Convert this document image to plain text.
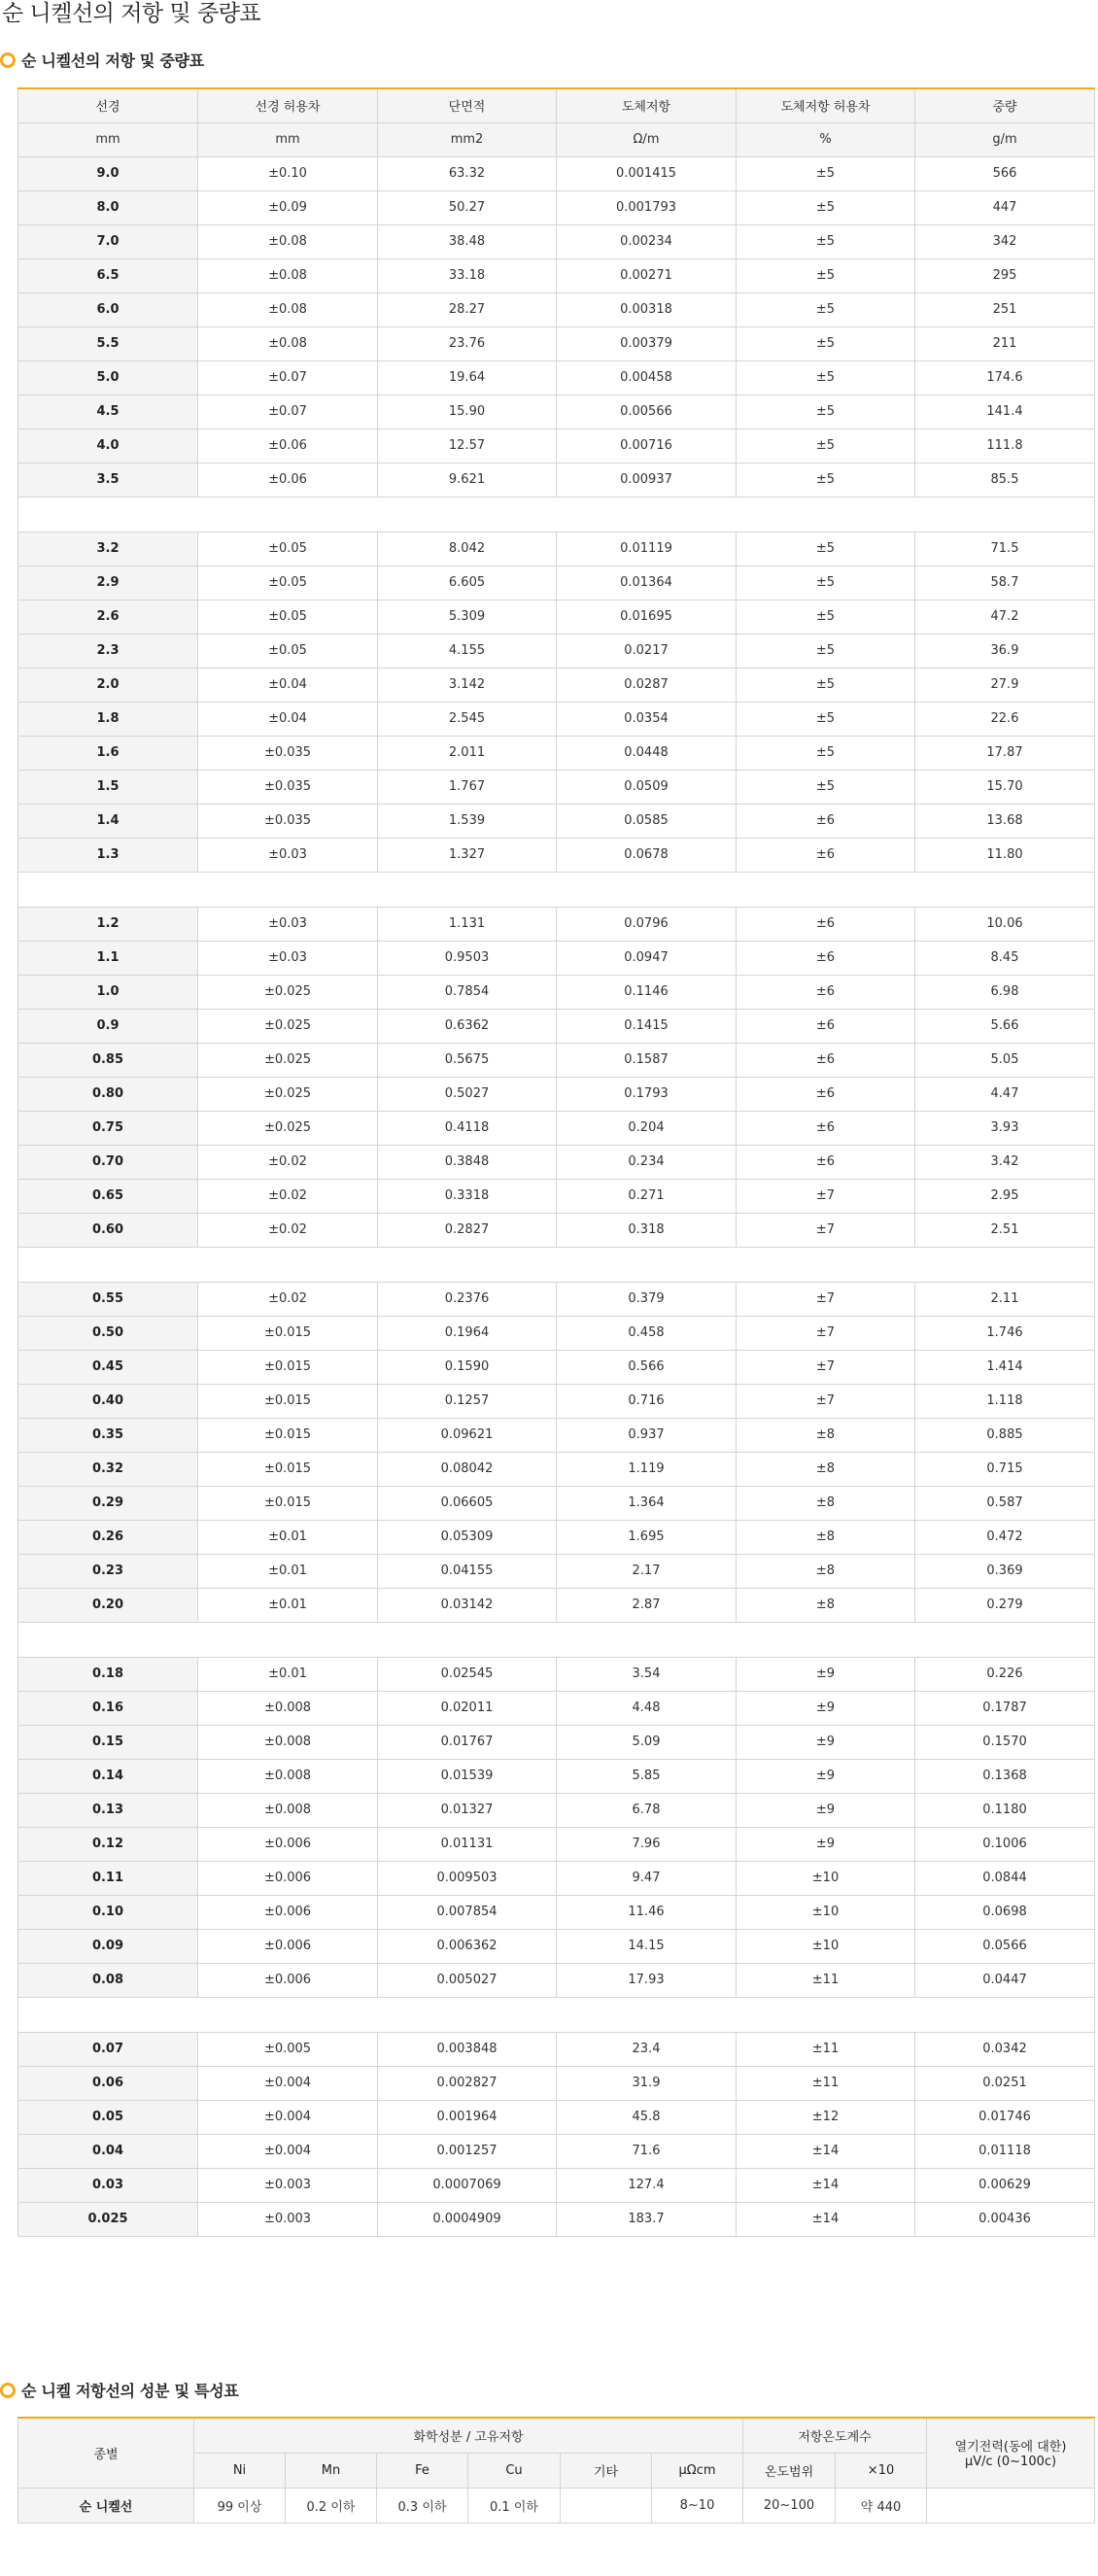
순 니켈선의 저항 및 중량표
순 니켈선의 저항 및 중량표
선경	선경 허용차	단면적	도체저항	도체저항 허용차	중량
mm	mm	mm2	Ω/m	%	g/m
9.0	±0.10	63.32	0.001415	±5	566
8.0	±0.09	50.27	0.001793	±5	447
7.0	±0.08	38.48	0.00234	±5	342
6.5	±0.08	33.18	0.00271	±5	295
6.0	±0.08	28.27	0.00318	±5	251
5.5	±0.08	23.76	0.00379	±5	211
5.0	±0.07	19.64	0.00458	±5	174.6
4.5	±0.07	15.90	0.00566	±5	141.4
4.0	±0.06	12.57	0.00716	±5	111.8
3.5	±0.06	9.621	0.00937	±5	85.5

3.2	±0.05	8.042	0.01119	±5	71.5
2.9	±0.05	6.605	0.01364	±5	58.7
2.6	±0.05	5.309	0.01695	±5	47.2
2.3	±0.05	4.155	0.0217	±5	36.9
2.0	±0.04	3.142	0.0287	±5	27.9
1.8	±0.04	2.545	0.0354	±5	22.6
1.6	±0.035	2.011	0.0448	±5	17.87
1.5	±0.035	1.767	0.0509	±5	15.70
1.4	±0.035	1.539	0.0585	±6	13.68
1.3	±0.03	1.327	0.0678	±6	11.80

1.2	±0.03	1.131	0.0796	±6	10.06
1.1	±0.03	0.9503	0.0947	±6	8.45
1.0	±0.025	0.7854	0.1146	±6	6.98
0.9	±0.025	0.6362	0.1415	±6	5.66
0.85	±0.025	0.5675	0.1587	±6	5.05
0.80	±0.025	0.5027	0.1793	±6	4.47
0.75	±0.025	0.4118	0.204	±6	3.93
0.70	±0.02	0.3848	0.234	±6	3.42
0.65	±0.02	0.3318	0.271	±7	2.95
0.60	±0.02	0.2827	0.318	±7	2.51

0.55	±0.02	0.2376	0.379	±7	2.11
0.50	±0.015	0.1964	0.458	±7	1.746
0.45	±0.015	0.1590	0.566	±7	1.414
0.40	±0.015	0.1257	0.716	±7	1.118
0.35	±0.015	0.09621	0.937	±8	0.885
0.32	±0.015	0.08042	1.119	±8	0.715
0.29	±0.015	0.06605	1.364	±8	0.587
0.26	±0.01	0.05309	1.695	±8	0.472
0.23	±0.01	0.04155	2.17	±8	0.369
0.20	±0.01	0.03142	2.87	±8	0.279

0.18	±0.01	0.02545	3.54	±9	0.226
0.16	±0.008	0.02011	4.48	±9	0.1787
0.15	±0.008	0.01767	5.09	±9	0.1570
0.14	±0.008	0.01539	5.85	±9	0.1368
0.13	±0.008	0.01327	6.78	±9	0.1180
0.12	±0.006	0.01131	7.96	±9	0.1006
0.11	±0.006	0.009503	9.47	±10	0.0844
0.10	±0.006	0.007854	11.46	±10	0.0698
0.09	±0.006	0.006362	14.15	±10	0.0566
0.08	±0.006	0.005027	17.93	±11	0.0447

0.07	±0.005	0.003848	23.4	±11	0.0342
0.06	±0.004	0.002827	31.9	±11	0.0251
0.05	±0.004	0.001964	45.8	±12	0.01746
0.04	±0.004	0.001257	71.6	±14	0.01118
0.03	±0.003	0.0007069	127.4	±14	0.00629
0.025	±0.003	0.0004909	183.7	±14	0.00436
순 니켈 저항선의 성분 및 특성표
종별	화학성분 / 고유저항						저항온도계수		열기전력(동에 대한)
μV/c (0~100c)
	Ni	Mn	Fe	Cu	기타	μΩcm	온도범위	×10	
순 니켈선	99 이상	0.2 이하	0.3 이하	0.1 이하		8~10	20~100	약 440	
